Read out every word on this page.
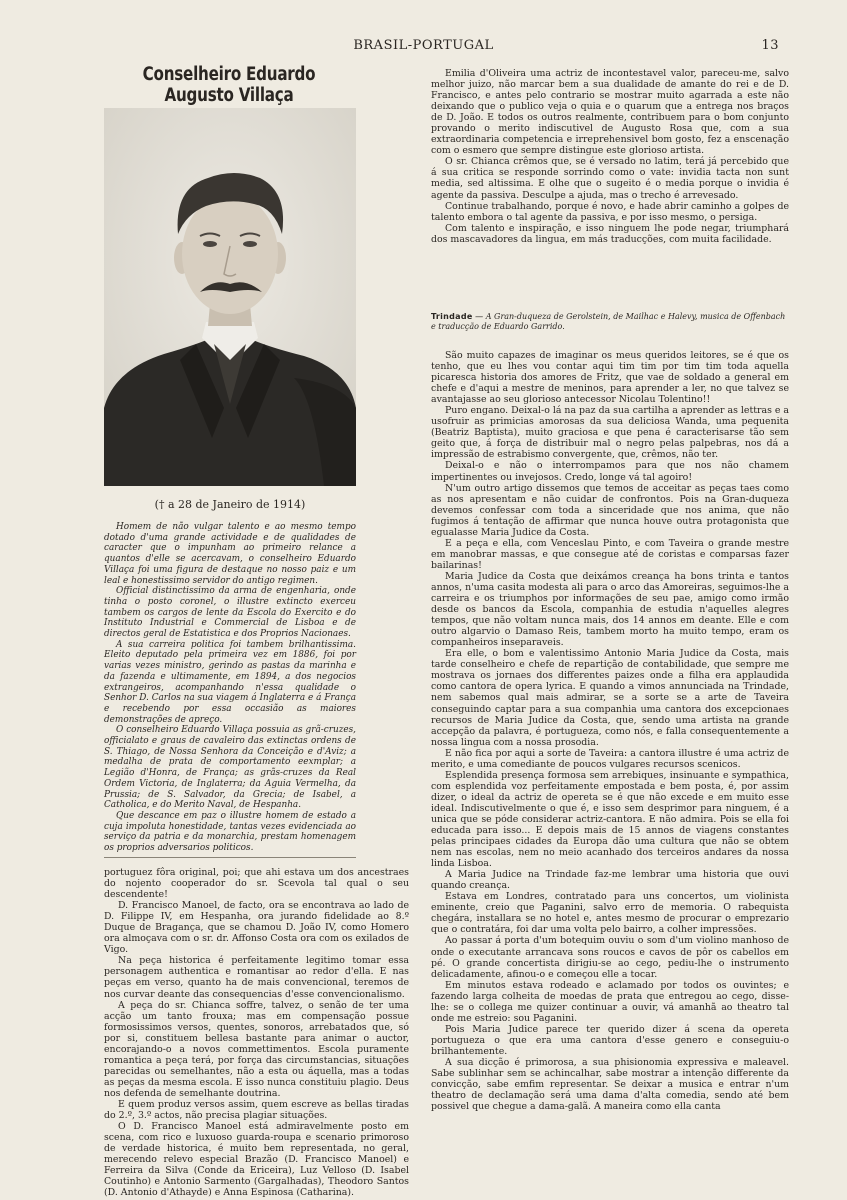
BRASIL-PORTUGAL	13
Conselheiro Eduardo Augusto Villaça
(† a 28 de Janeiro de 1914)

Homem de não vulgar talento e ao mesmo tempo dotado d'uma grande actividade e de qualidades de caracter que o impunham ao primeiro relance a quantos d'elle se acercavam, o conselheiro Eduardo Villaça foi uma figura de destaque no nosso paiz e um leal e honestissimo servidor do antigo regimen.

Official distinctissimo da arma de engenharia, onde tinha o posto coronel, o illustre extincto exerceu tambem os cargos de lente da Escola do Exercito e do Instituto Industrial e Commercial de Lisboa e de directos geral de Estatistica e dos Proprios Nacionaes.

A sua carreira politica foi tambem brilhantissima. Eleito deputado pela primeira vez em 1886, foi por varias vezes ministro, gerindo as pastas da marinha e da fazenda e ultimamente, em 1894, a dos negocios extrangeiros, acompanhando n'essa qualidade o Senhor D. Carlos na sua viagem á Inglaterra e á França e recebendo por essa occasião as maiores demonstrações de apreço.

O conselheiro Eduardo Villaça possuia as grã-cruzes, officialato e graus de cavaleiro das extinctas ordens de S. Thiago, de Nossa Senhora da Conceição e d'Aviz; a medalha de prata de comportamento eexmplar; a Legião d'Honra, de França; as grãs-cruzes da Real Ordem Victoria, de Inglaterra; da Aguia Vermelha, da Prussia; de S. Salvador, da Grecia; de Isabel, a Catholica, e do Merito Naval, de Hespanha.

Que descance em paz o illustre homem de estado a cuja impoluta honestidade, tantas vezes evidenciada ao serviço da patria e da monarchia, prestam homenagem os proprios adversarios politicos.

portuguez fôra original, poi; que ahi estava um dos ancestraes do nojento cooperador do sr. Scevola tal qual o seu descendente!

D. Francisco Manoel, de facto, ora se encontrava ao lado de D. Filippe IV, em Hespanha, ora jurando fidelidade ao 8.º Duque de Bragança, que se chamou D. João IV, como Homero ora almoçava com o sr. dr. Affonso Costa ora com os exilados de Vigo.

Na peça historica é perfeitamente legitimo tomar essa personagem authentica e romantisar ao redor d'ella. E nas peças em verso, quanto ha de mais convencional, teremos de nos curvar deante das consequencias d'esse convencionalismo.

A peça do sr. Chianca soffre, talvez, o senão de ter uma acção um tanto frouxa; mas em compensação possue formosissimos versos, quentes, sonoros, arrebatados que, só por si, constituem bellesa bastante para animar o auctor, encorajando-o a novos commettimentos. Escola puramente romantica a peça terá, por força das circumstancias, situações parecidas ou semelhantes, não a esta ou áquella, mas a todas as peças da mesma escola. E isso nunca constituiu plagio. Deus nos defenda de semelhante doutrina.

E quem produz versos assim, quem escreve as bellas tiradas do 2.º, 3.º actos, não precisa plagiar situações.

O D. Francisco Manoel está admiravelmente posto em scena, com rico e luxuoso guarda-roupa e scenario primoroso de verdade historica, é muito bem representada, no geral, merecendo relevo especial Brazão (D. Francisco Manoel) e Ferreira da Silva (Conde da Ericeira), Luz Velloso (D. Isabel Coutinho) e Antonio Sarmento (Gargalhadas), Theodoro Santos (D. Antonio d'Athayde) e Anna Espinosa (Catharina).

Emilia d'Oliveira uma actriz de incontestavel valor, pareceu-me, salvo melhor juizo, não marcar bem a sua dualidade de amante do rei e de D. Francisco, e antes pelo contrario se mostrar muito agarrada a este não deixando que o publico veja o quia e o quarum que a entrega nos braços de D. João. E todos os outros realmente, contribuem para o bom conjunto provando o merito indiscutivel de Augusto Rosa que, com a sua extraordinaria competencia e irreprehensivel bom gosto, fez a enscenação com o esmero que sempre distingue este glorioso artista.

O sr. Chianca crêmos que, se é versado no latim, terá já percebido que á sua critica se responde sorrindo como o vate: invidia tacta non sunt media, sed altissima. E olhe que o sugeito é o media porque o invidia é agente da passiva. Desculpe a ajuda, mas o trecho é arrevesado.

Continue trabalhando, porque é novo, e hade abrir caminho a golpes de talento embora o tal agente da passiva, e por isso mesmo, o persiga.

Com talento e inspiração, e isso ninguem lhe pode negar, triumphará dos mascavadores da lingua, em más traducções, com muita facilidade.

Trindade — A Gran-duqueza de Gerolstein, de Mailhac e Halevy, musica de Offenbach e traducção de Eduardo Garrido.

São muito capazes de imaginar os meus queridos leitores, se é que os tenho, que eu lhes vou contar aqui tim tim por tim tim toda aquella picaresca historia dos amores de Fritz, que vae de soldado a general em chefe e d'aqui a mestre de meninos, para aprender a ler, no que talvez se avantajasse ao seu glorioso antecessor Nicolau Tolentino!!

Puro engano. Deixal-o lá na paz da sua cartilha a aprender as lettras e a usofruir as primicias amorosas da sua deliciosa Wanda, uma pequenita (Beatriz Baptista), muito graciosa e que pena é caracterisarse tão sem geito que, á força de distribuir mal o negro pelas palpebras, nos dá a impressão de estrabismo convergente, que, crêmos, não ter.

Deixal-o e não o interrompamos para que nos não chamem impertinentes ou invejosos. Credo, longe vá tal agoiro!

N'um outro artigo dissemos que temos de acceitar as peças taes como as nos apresentam e não cuidar de confrontos. Pois na Gran-duqueza devemos confessar com toda a sinceridade que nos anima, que não fugimos á tentação de affirmar que nunca houve outra protagonista que egualasse Maria Judice da Costa.

E a peça e ella, com Venceslau Pinto, e com Taveira o grande mestre em manobrar massas, e que consegue até de coristas e comparsas fazer bailarinas!

Maria Judice da Costa que deixámos creança ha bons trinta e tantos annos, n'uma casita modesta ali para o arco das Amoreiras, seguimos-lhe a carreira e os triumphos por informações de seu pae, amigo como irmão desde os bancos da Escola, companhia de estudia n'aquelles alegres tempos, que não voltam nunca mais, dos 14 annos em deante. Elle e com outro algarvio o Damaso Reis, tambem morto ha muito tempo, eram os companheiros inseparaveis.

Era elle, o bom e valentissimo Antonio Maria Judice da Costa, mais tarde conselheiro e chefe de repartição de contabilidade, que sempre me mostrava os jornaes dos differentes paizes onde a filha era applaudida como cantora de opera lyrica. E quando a vimos annunciada na Trindade, nem sabemos qual mais admirar, se a sorte se a arte de Taveira conseguindo captar para a sua companhia uma cantora dos excepcionaes recursos de Maria Judice da Costa, que, sendo uma artista na grande accepção da palavra, é portugueza, como nós, e falla consequentemente a nossa lingua com a nossa prosodia.

E não fica por aqui a sorte de Taveira: a cantora illustre é uma actriz de merito, e uma comediante de poucos vulgares recursos scenicos.

Esplendida presença formosa sem arrebiques, insinuante e sympathica, com esplendida voz perfeitamente empostada e bem posta, é, por assim dizer, o ideal da actriz de opereta se é que não excede e em muito esse ideal. Indiscutivelmente o que é, e isso sem desprimor para ninguem, é a unica que se póde considerar actriz-cantora. E não admira. Pois se ella foi educada para isso... E depois mais de 15 annos de viagens constantes pelas principaes cidades da Europa dão uma cultura que não se obtem nem nas escolas, nem no meio acanhado dos terceiros andares da nossa linda Lisboa.

A Maria Judice na Trindade faz-me lembrar uma historia que ouvi quando creança.

Estava em Londres, contratado para uns concertos, um violinista eminente, creio que Paganini, salvo erro de memoria. O rabequista chegára, installara se no hotel e, antes mesmo de procurar o emprezario que o contratára, foi dar uma volta pelo bairro, a colher impressões.

Ao passar á porta d'um botequim ouviu o som d'um violino manhoso de onde o executante arrancava sons roucos e cavos de pôr os cabellos em pé. O grande concertista dirigiu-se ao cego, pediu-lhe o instrumento delicadamente, afinou-o e começou elle a tocar.

Em minutos estava rodeado e aclamado por todos os ouvintes; e fazendo larga colheita de moedas de prata que entregou ao cego, disse-lhe: se o collega me quizer continuar a ouvir, vá amanhã ao theatro tal onde me estreio: sou Paganini.

Pois Maria Judice parece ter querido dizer á scena da opereta portugueza o que era uma cantora d'esse genero e conseguiu-o brilhantemente.

A sua dicção é primorosa, a sua phisionomia expressiva e maleavel. Sabe sublinhar sem se achincalhar, sabe mostrar a intenção differente da convicção, sabe emfim representar. Se deixar a musica e entrar n'um theatro de declamação será uma dama d'alta comedia, sendo até bem possivel que chegue a dama-galã. A maneira como ella canta
